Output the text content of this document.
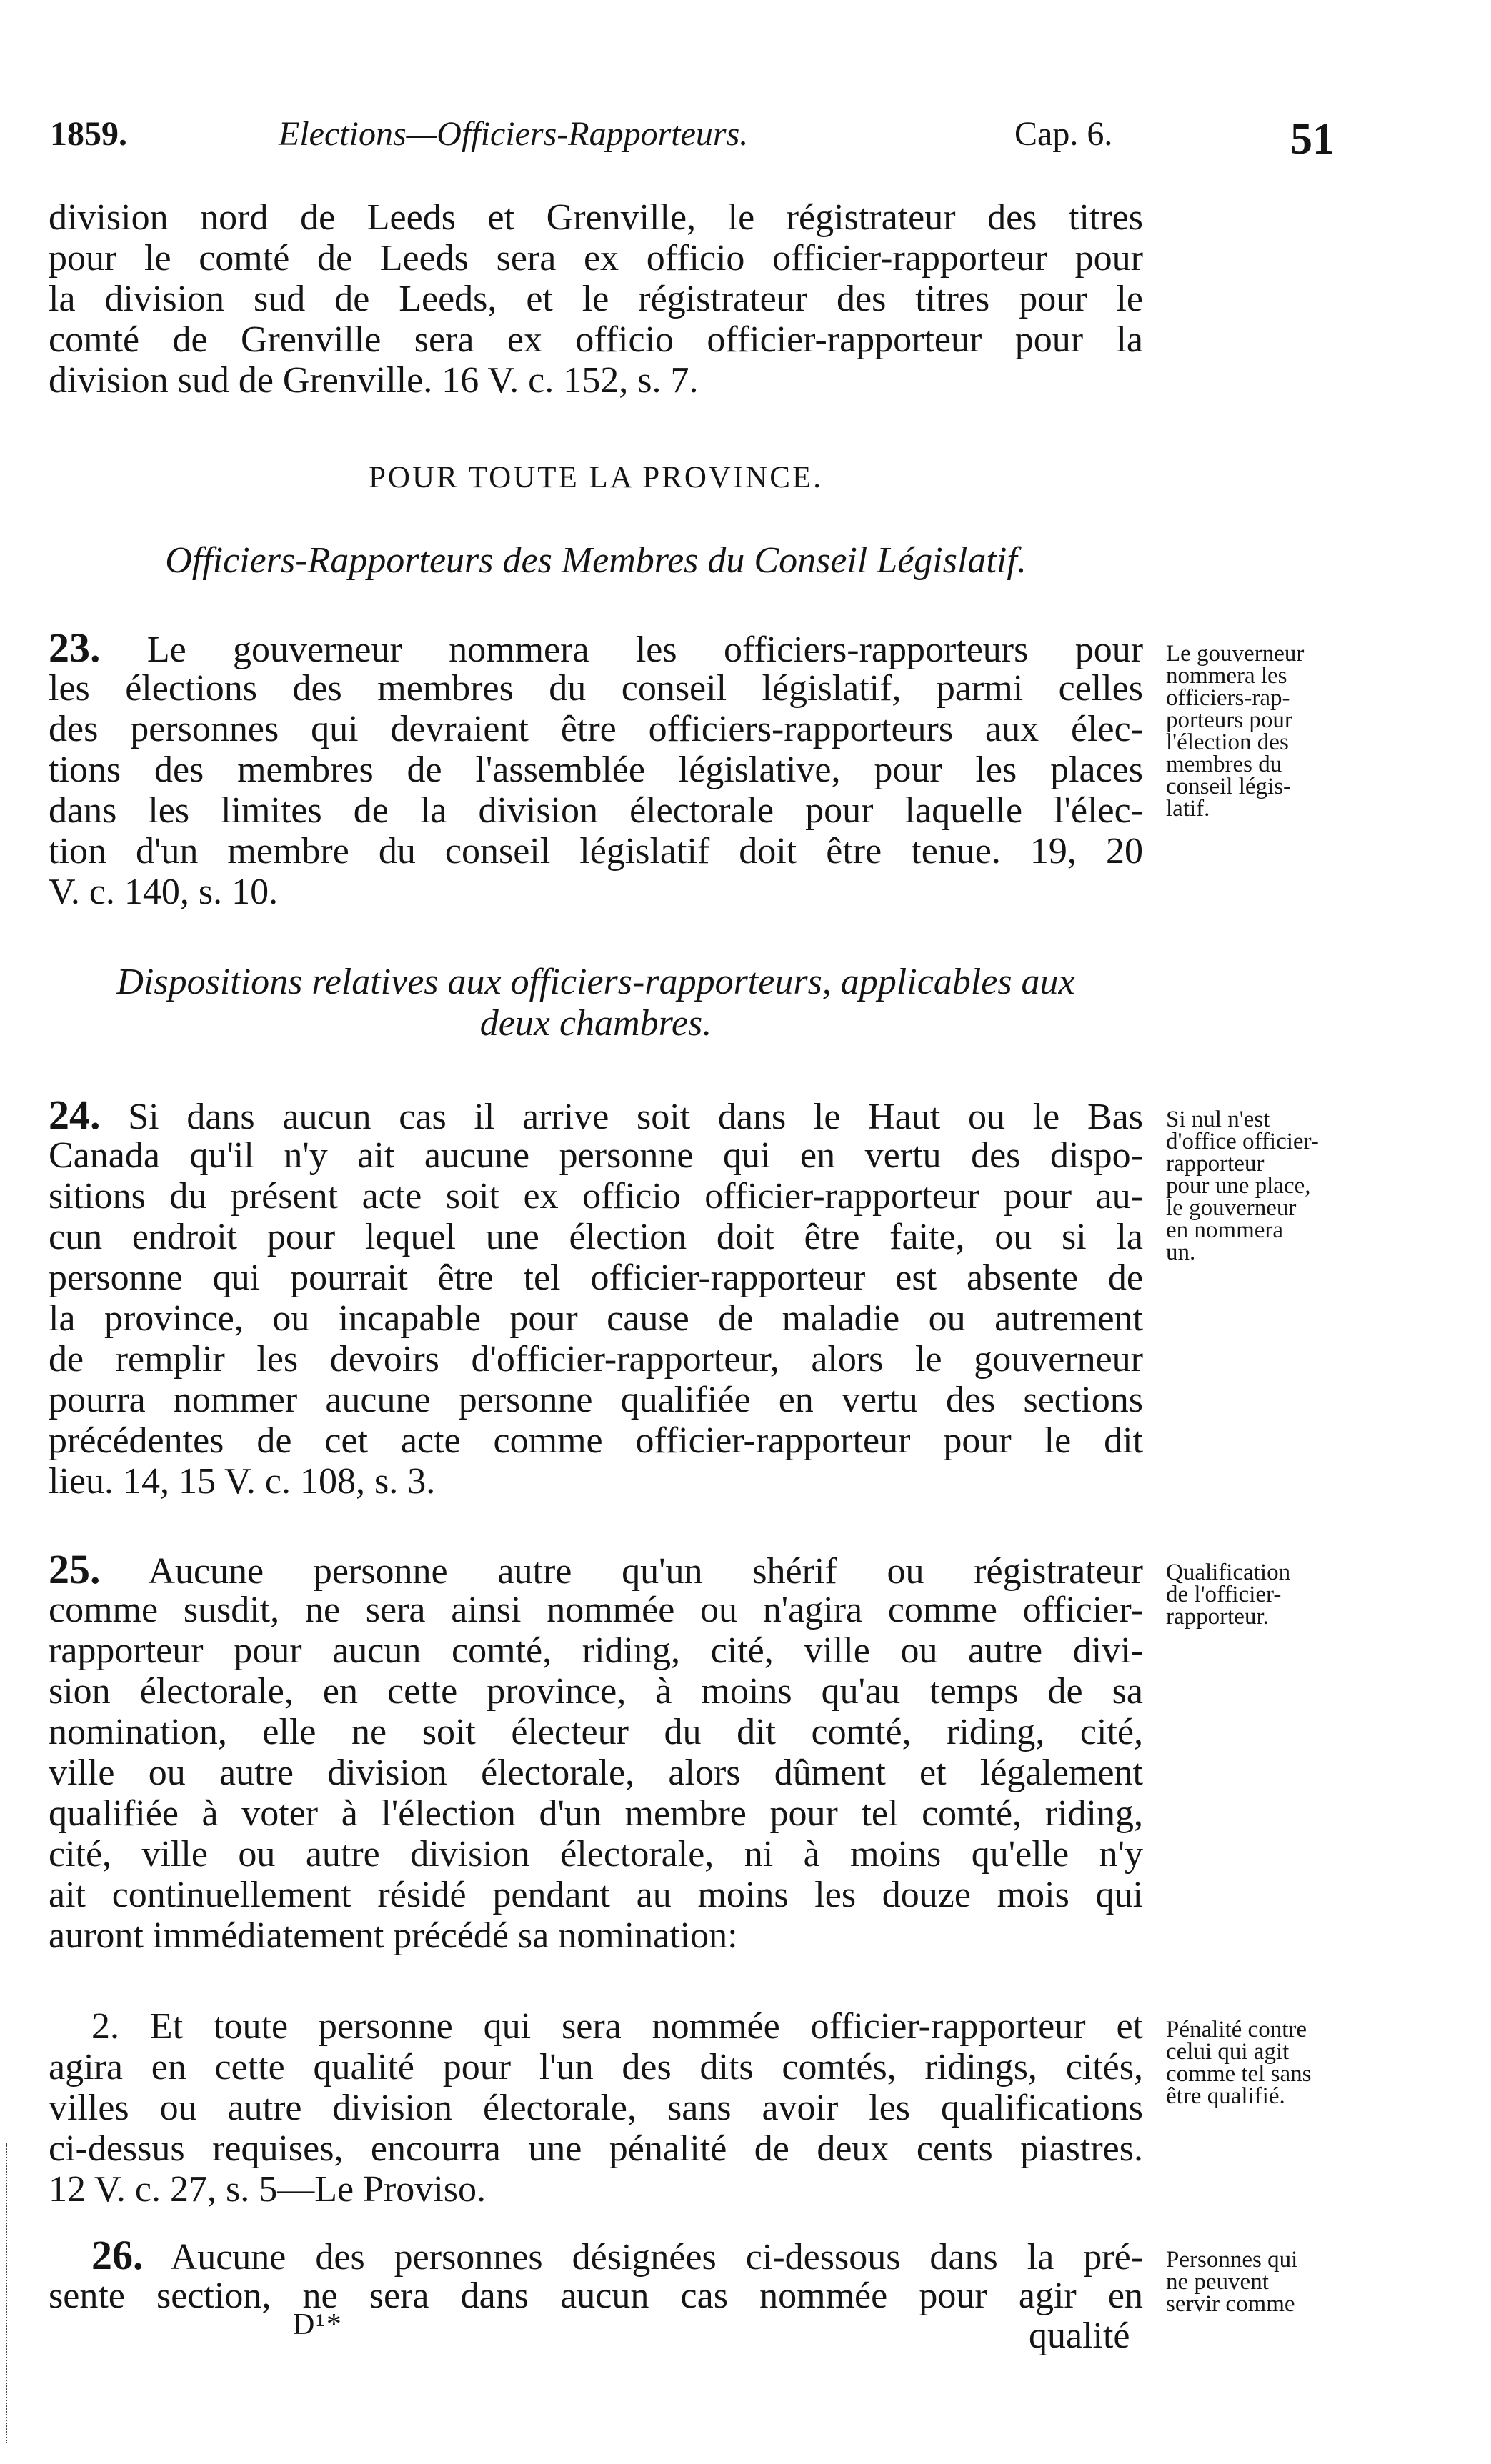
1859.	Elections—Officiers-Rapporteurs.	Cap. 6.	51
division nord de Leeds et Grenville, le régistrateur des titres
pour le comté de Leeds sera ex officio officier-rapporteur pour
la division sud de Leeds, et le régistrateur des titres pour le
comté de Grenville sera ex officio officier-rapporteur pour la
division sud de Grenville. 16 V. c. 152, s. 7.
POUR TOUTE LA PROVINCE.
Officiers-Rapporteurs des Membres du Conseil Législatif.
23. Le gouverneur nommera les officiers-rapporteurs pour
les élections des membres du conseil législatif, parmi celles
des personnes qui devraient être officiers-rapporteurs aux élec-
tions des membres de l'assemblée législative, pour les places
dans les limites de la division électorale pour laquelle l'élec-
tion d'un membre du conseil législatif doit être tenue. 19, 20
V. c. 140, s. 10.
Le gouverneur
nommera les
officiers-rap-
porteurs pour
l'élection des
membres du
conseil légis-
latif.
Dispositions relatives aux officiers-rapporteurs, applicables aux
deux chambres.
24. Si dans aucun cas il arrive soit dans le Haut ou le Bas
Canada qu'il n'y ait aucune personne qui en vertu des dispo-
sitions du présent acte soit ex officio officier-rapporteur pour au-
cun endroit pour lequel une élection doit être faite, ou si la
personne qui pourrait être tel officier-rapporteur est absente de
la province, ou incapable pour cause de maladie ou autrement
de remplir les devoirs d'officier-rapporteur, alors le gouverneur
pourra nommer aucune personne qualifiée en vertu des sections
précédentes de cet acte comme officier-rapporteur pour le dit
lieu. 14, 15 V. c. 108, s. 3.
Si nul n'est
d'office officier-
rapporteur
pour une place,
le gouverneur
en nommera
un.
25. Aucune personne autre qu'un shérif ou régistrateur
comme susdit, ne sera ainsi nommée ou n'agira comme officier-
rapporteur pour aucun comté, riding, cité, ville ou autre divi-
sion électorale, en cette province, à moins qu'au temps de sa
nomination, elle ne soit électeur du dit comté, riding, cité,
ville ou autre division électorale, alors dûment et légalement
qualifiée à voter à l'élection d'un membre pour tel comté, riding,
cité, ville ou autre division électorale, ni à moins qu'elle n'y
ait continuellement résidé pendant au moins les douze mois qui
auront immédiatement précédé sa nomination:
Qualification
de l'officier-
rapporteur.
2. Et toute personne qui sera nommée officier-rapporteur et
agira en cette qualité pour l'un des dits comtés, ridings, cités,
villes ou autre division électorale, sans avoir les qualifications
ci-dessus requises, encourra une pénalité de deux cents piastres.
12 V. c. 27, s. 5—Le Proviso.
Pénalité contre
celui qui agit
comme tel sans
être qualifié.
26. Aucune des personnes désignées ci-dessous dans la pré-
sente section, ne sera dans aucun cas nommée pour agir en
Personnes qui
ne peuvent
servir comme
D¹*	qualité
